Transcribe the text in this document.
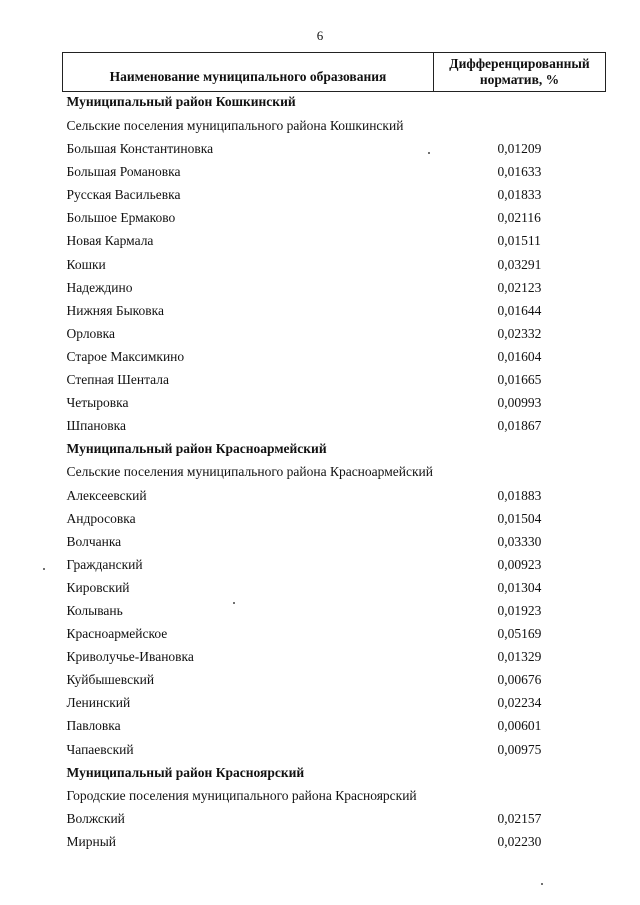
6
Наименование муниципального образования	Дифференцированный норматив, %
Муниципальный район Кошкинский	
Сельские поселения муниципального района Кошкинский	
Большая Константиновка	0,01209
Большая Романовка	0,01633
Русская Васильевка	0,01833
Большое Ермаково	0,02116
Новая Кармала	0,01511
Кошки	0,03291
Надеждино	0,02123
Нижняя Быковка	0,01644
Орловка	0,02332
Старое Максимкино	0,01604
Степная Шентала	0,01665
Четыровка	0,00993
Шпановка	0,01867
Муниципальный район Красноармейский	
Сельские поселения муниципального района Красноармейский	
Алексеевский	0,01883
Андросовка	0,01504
Волчанка	0,03330
Гражданский	0,00923
Кировский	0,01304
Колывань	0,01923
Красноармейское	0,05169
Криволучье-Ивановка	0,01329
Куйбышевский	0,00676
Ленинский	0,02234
Павловка	0,00601
Чапаевский	0,00975
Муниципальный район Красноярский	
Городские поселения муниципального района Красноярский	
Волжский	0,02157
Мирный	0,02230
